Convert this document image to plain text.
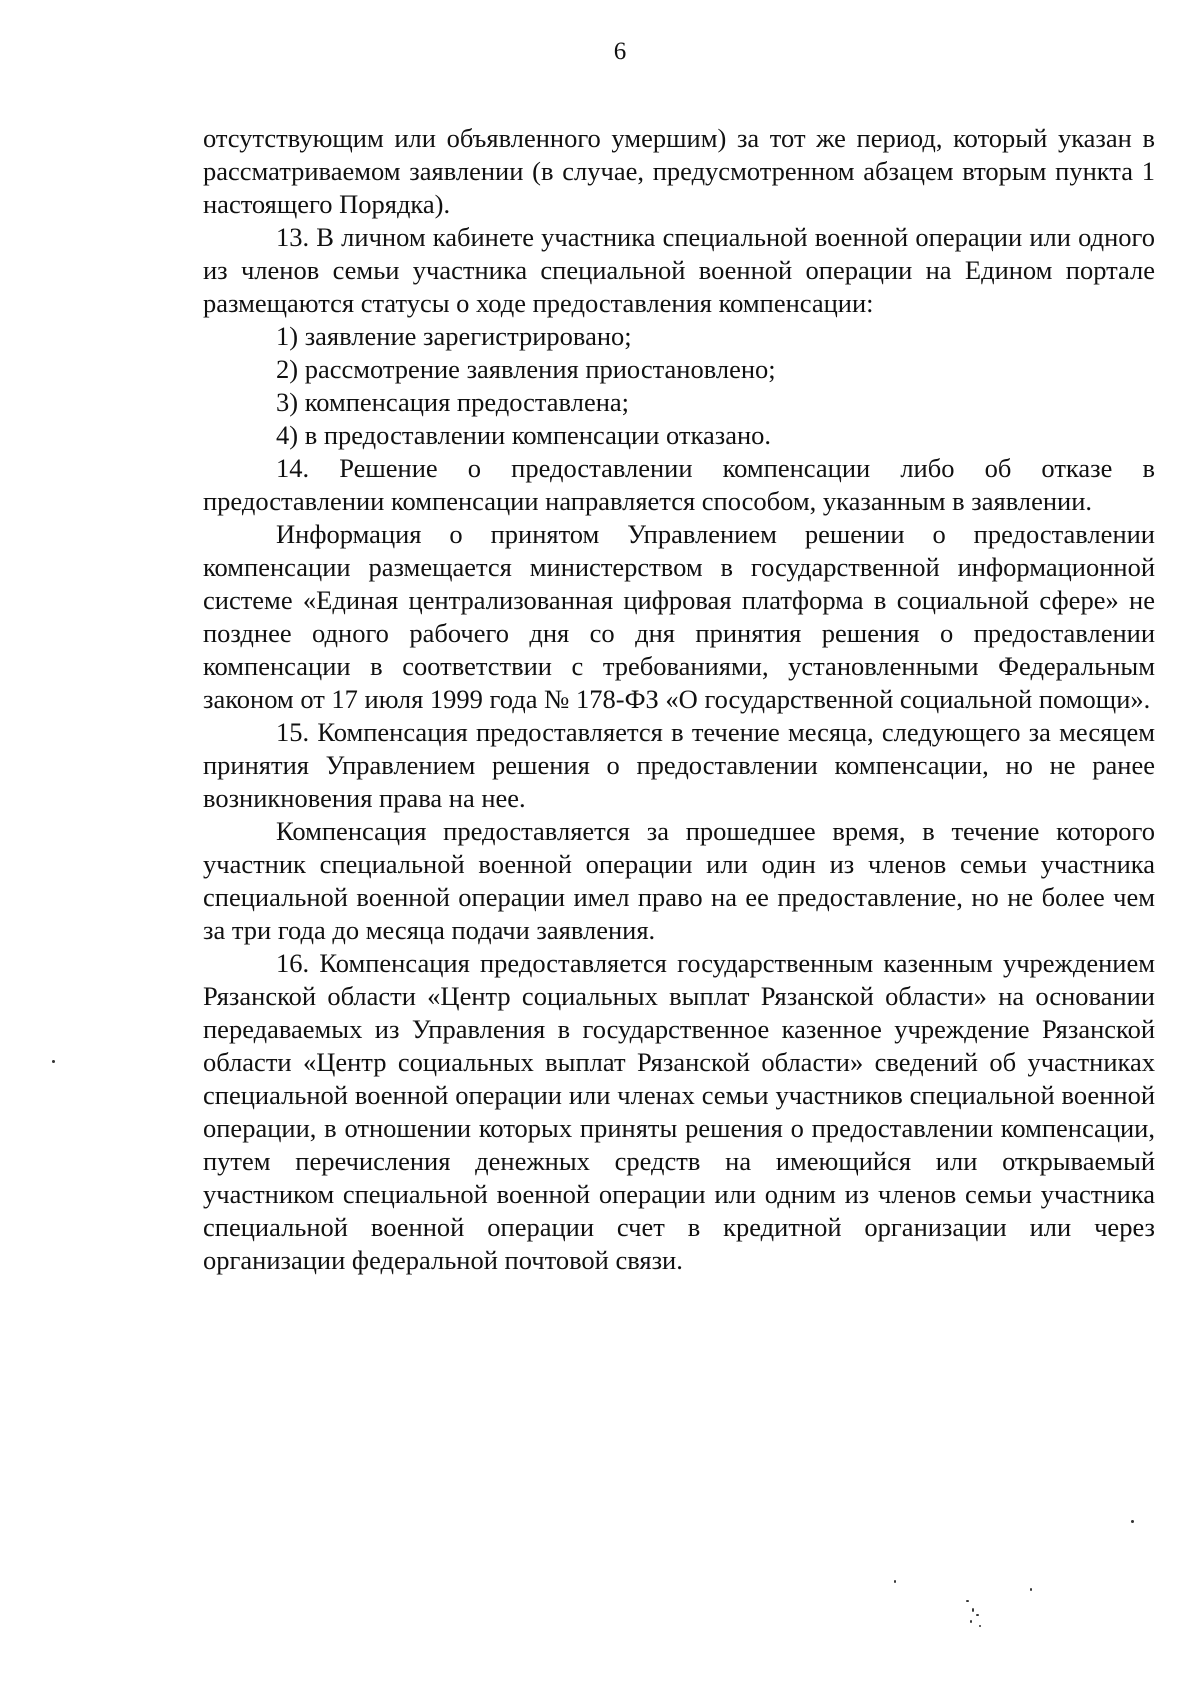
6

отсутствующим или объявленного умершим) за тот же период, который указан в рассматриваемом заявлении (в случае, предусмотренном абзацем вторым пункта 1 настоящего Порядка).

13. В личном кабинете участника специальной военной операции или одного из членов семьи участника специальной военной операции на Едином портале размещаются статусы о ходе предоставления компенсации:

1) заявление зарегистрировано;

2) рассмотрение заявления приостановлено;

3) компенсация предоставлена;

4) в предоставлении компенсации отказано.

14. Решение о предоставлении компенсации либо об отказе в предоставлении компенсации направляется способом, указанным в заявлении.

Информация о принятом Управлением решении о предоставлении компенсации размещается министерством в государственной информационной системе «Единая централизованная цифровая платформа в социальной сфере» не позднее одного рабочего дня со дня принятия решения о предоставлении компенсации в соответствии с требованиями, установленными Федеральным законом от 17 июля 1999 года № 178-ФЗ «О государственной социальной помощи».

15. Компенсация предоставляется в течение месяца, следующего за месяцем принятия Управлением решения о предоставлении компенсации, но не ранее возникновения права на нее.

Компенсация предоставляется за прошедшее время, в течение которого участник специальной военной операции или один из членов семьи участника специальной военной операции имел право на ее предоставление, но не более чем за три года до месяца подачи заявления.

16. Компенсация предоставляется государственным казенным учреждением Рязанской области «Центр социальных выплат Рязанской области» на основании передаваемых из Управления в государственное казенное учреждение Рязанской области «Центр социальных выплат Рязанской области» сведений об участниках специальной военной операции или членах семьи участников специальной военной операции, в отношении которых приняты решения о предоставлении компенсации, путем перечисления денежных средств на имеющийся или открываемый участником специальной военной операции или одним из членов семьи участника специальной военной операции счет в кредитной организации или через организации федеральной почтовой связи.
